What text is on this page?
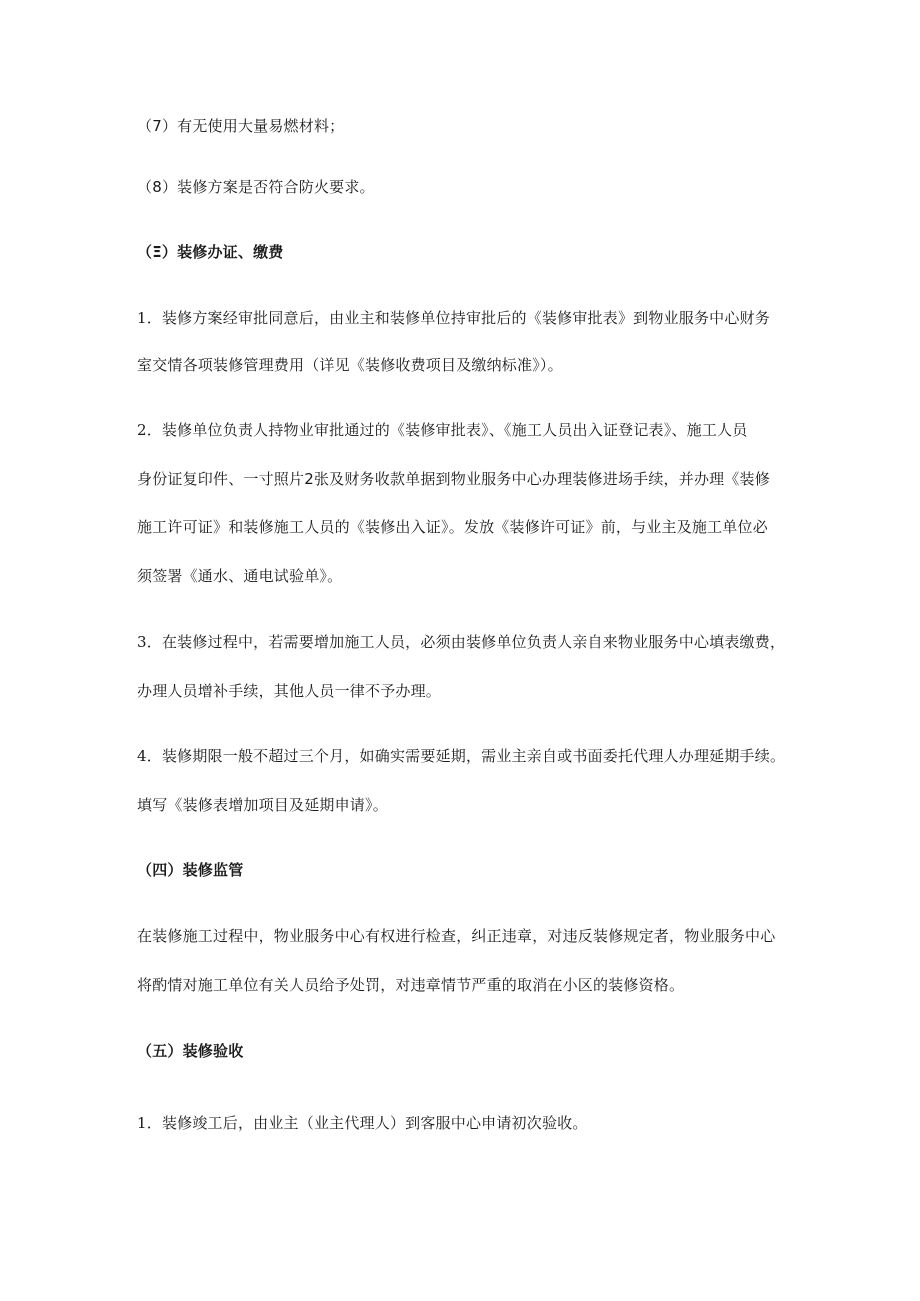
（7）有无使用大量易燃材料；
（8）装修方案是否符合防火要求。
（Ξ）装修办证、缴费
1．装修方案经审批同意后，由业主和装修单位持审批后的《装修审批表》到物业服务中心财务
室交情各项装修管理费用（详见《装修收费项目及缴纳标准》）。
2．装修单位负责人持物业审批通过的《装修审批表》、《施工人员出入证登记表》、施工人员
身份证复印件、一寸照片2张及财务收款单据到物业服务中心办理装修进场手续，并办理《装修
施工许可证》和装修施工人员的《装修出入证》。发放《装修许可证》前，与业主及施工单位必
须签署《通水、通电试验单》。
3．在装修过程中，若需要增加施工人员，必须由装修单位负责人亲自来物业服务中心填表缴费，
办理人员增补手续，其他人员一律不予办理。
4．装修期限一般不超过三个月，如确实需要延期，需业主亲自或书面委托代理人办理延期手续。
填写《装修表增加项目及延期申请》。
（四）装修监管
在装修施工过程中，物业服务中心有权进行检查，纠正违章，对违反装修规定者，物业服务中心
将酌情对施工单位有关人员给予处罚，对违章情节严重的取消在小区的装修资格。
（五）装修验收
1．装修竣工后，由业主（业主代理人）到客服中心申请初次验收。
